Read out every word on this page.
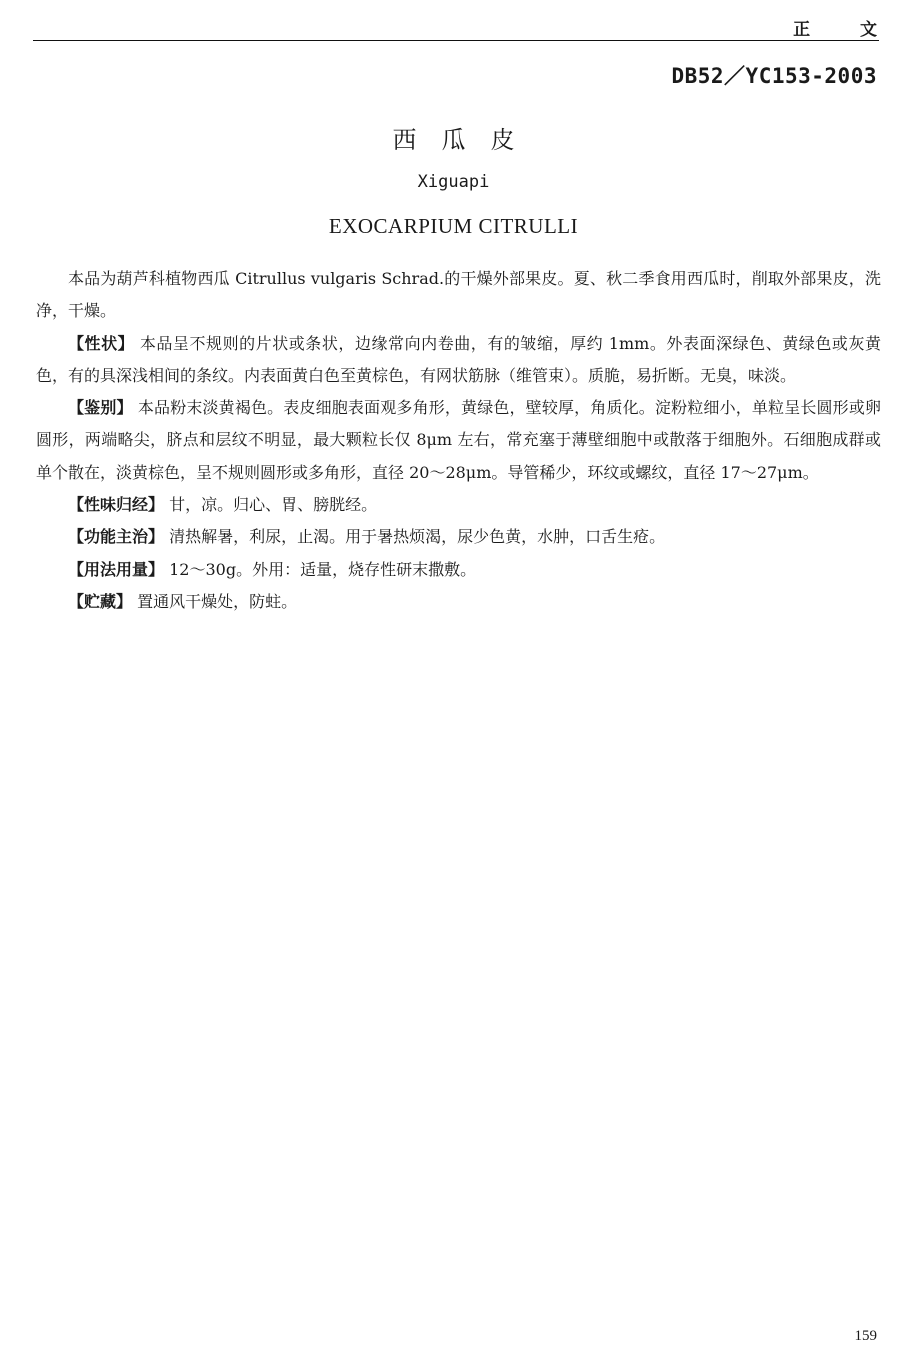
正 文
DB52／YC153-2003
西瓜皮
Xiguapi
EXOCARPIUM CITRULLI

本品为葫芦科植物西瓜 Citrullus vulgaris Schrad.的干燥外部果皮。夏、秋二季食用西瓜时，削取外部果皮，洗净，干燥。

【性状】 本品呈不规则的片状或条状，边缘常向内卷曲，有的皱缩，厚约 1mm。外表面深绿色、黄绿色或灰黄色，有的具深浅相间的条纹。内表面黄白色至黄棕色，有网状筋脉（维管束）。质脆，易折断。无臭，味淡。

【鉴别】 本品粉末淡黄褐色。表皮细胞表面观多角形，黄绿色，壁较厚，角质化。淀粉粒细小，单粒呈长圆形或卵圆形，两端略尖，脐点和层纹不明显，最大颗粒长仅 8μm 左右，常充塞于薄壁细胞中或散落于细胞外。石细胞成群或单个散在，淡黄棕色，呈不规则圆形或多角形，直径 20～28μm。导管稀少，环纹或螺纹，直径 17～27μm。

【性味归经】 甘，凉。归心、胃、膀胱经。

【功能主治】 清热解暑，利尿，止渴。用于暑热烦渴，尿少色黄，水肿，口舌生疮。

【用法用量】 12～30g。外用：适量，烧存性研末撒敷。

【贮藏】 置通风干燥处，防蛀。

159
